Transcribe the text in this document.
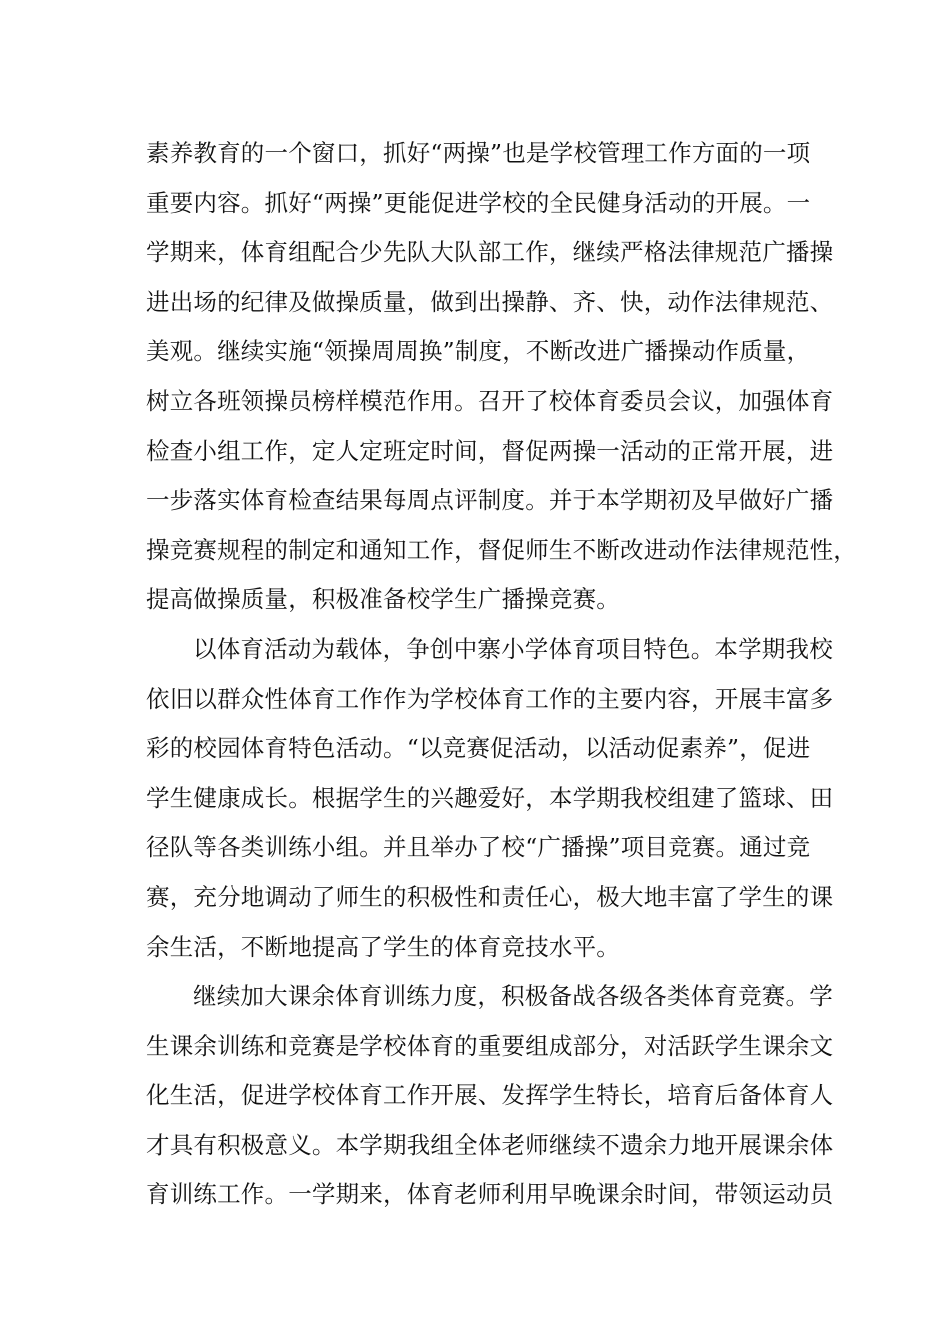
素养教育的一个窗口，抓好“两操”也是学校管理工作方面的一项
重要内容。抓好“两操”更能促进学校的全民健身活动的开展。一
学期来，体育组配合少先队大队部工作，继续严格法律规范广播操
进出场的纪律及做操质量，做到出操静、齐、快，动作法律规范、
美观。继续实施“领操周周换”制度，不断改进广播操动作质量，
树立各班领操员榜样模范作用。召开了校体育委员会议，加强体育
检查小组工作，定人定班定时间，督促两操一活动的正常开展，进
一步落实体育检查结果每周点评制度。并于本学期初及早做好广播
操竞赛规程的制定和通知工作，督促师生不断改进动作法律规范性，
提高做操质量，积极准备校学生广播操竞赛。
以体育活动为载体，争创中寨小学体育项目特色。本学期我校
依旧以群众性体育工作作为学校体育工作的主要内容，开展丰富多
彩的校园体育特色活动。“以竞赛促活动，以活动促素养”，促进
学生健康成长。根据学生的兴趣爱好，本学期我校组建了篮球、田
径队等各类训练小组。并且举办了校“广播操”项目竞赛。通过竞
赛，充分地调动了师生的积极性和责任心，极大地丰富了学生的课
余生活，不断地提高了学生的体育竞技水平。
继续加大课余体育训练力度，积极备战各级各类体育竞赛。学
生课余训练和竞赛是学校体育的重要组成部分，对活跃学生课余文
化生活，促进学校体育工作开展、发挥学生特长，培育后备体育人
才具有积极意义。本学期我组全体老师继续不遗余力地开展课余体
育训练工作。一学期来，体育老师利用早晚课余时间，带领运动员
